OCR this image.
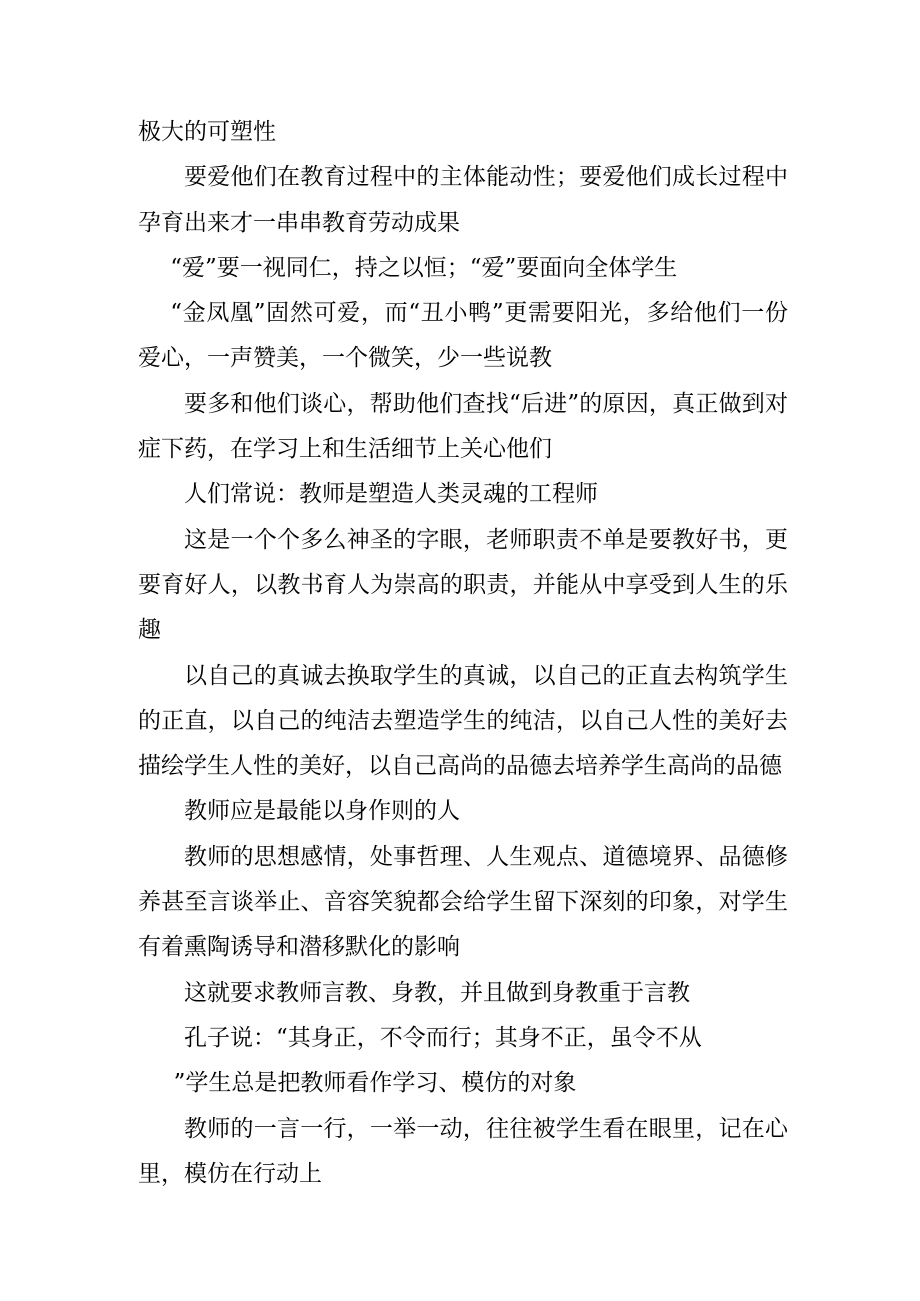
极大的可塑性

要爱他们在教育过程中的主体能动性；要爱他们成长过程中孕育出来才一串串教育劳动成果

“爱”要一视同仁，持之以恒；“爱”要面向全体学生

“金凤凰”固然可爱，而“丑小鸭”更需要阳光，多给他们一份爱心，一声赞美，一个微笑，少一些说教

要多和他们谈心，帮助他们查找“后进”的原因，真正做到对症下药，在学习上和生活细节上关心他们

人们常说：教师是塑造人类灵魂的工程师

这是一个个多么神圣的字眼，老师职责不单是要教好书，更要育好人，以教书育人为崇高的职责，并能从中享受到人生的乐趣

以自己的真诚去换取学生的真诚，以自己的正直去构筑学生的正直，以自己的纯洁去塑造学生的纯洁，以自己人性的美好去描绘学生人性的美好，以自己高尚的品德去培养学生高尚的品德

教师应是最能以身作则的人

教师的思想感情，处事哲理、人生观点、道德境界、品德修养甚至言谈举止、音容笑貌都会给学生留下深刻的印象，对学生有着熏陶诱导和潜移默化的影响

这就要求教师言教、身教，并且做到身教重于言教

孔子说：“其身正，不令而行；其身不正，虽令不从

”学生总是把教师看作学习、模仿的对象

教师的一言一行，一举一动，往往被学生看在眼里，记在心里，模仿在行动上
